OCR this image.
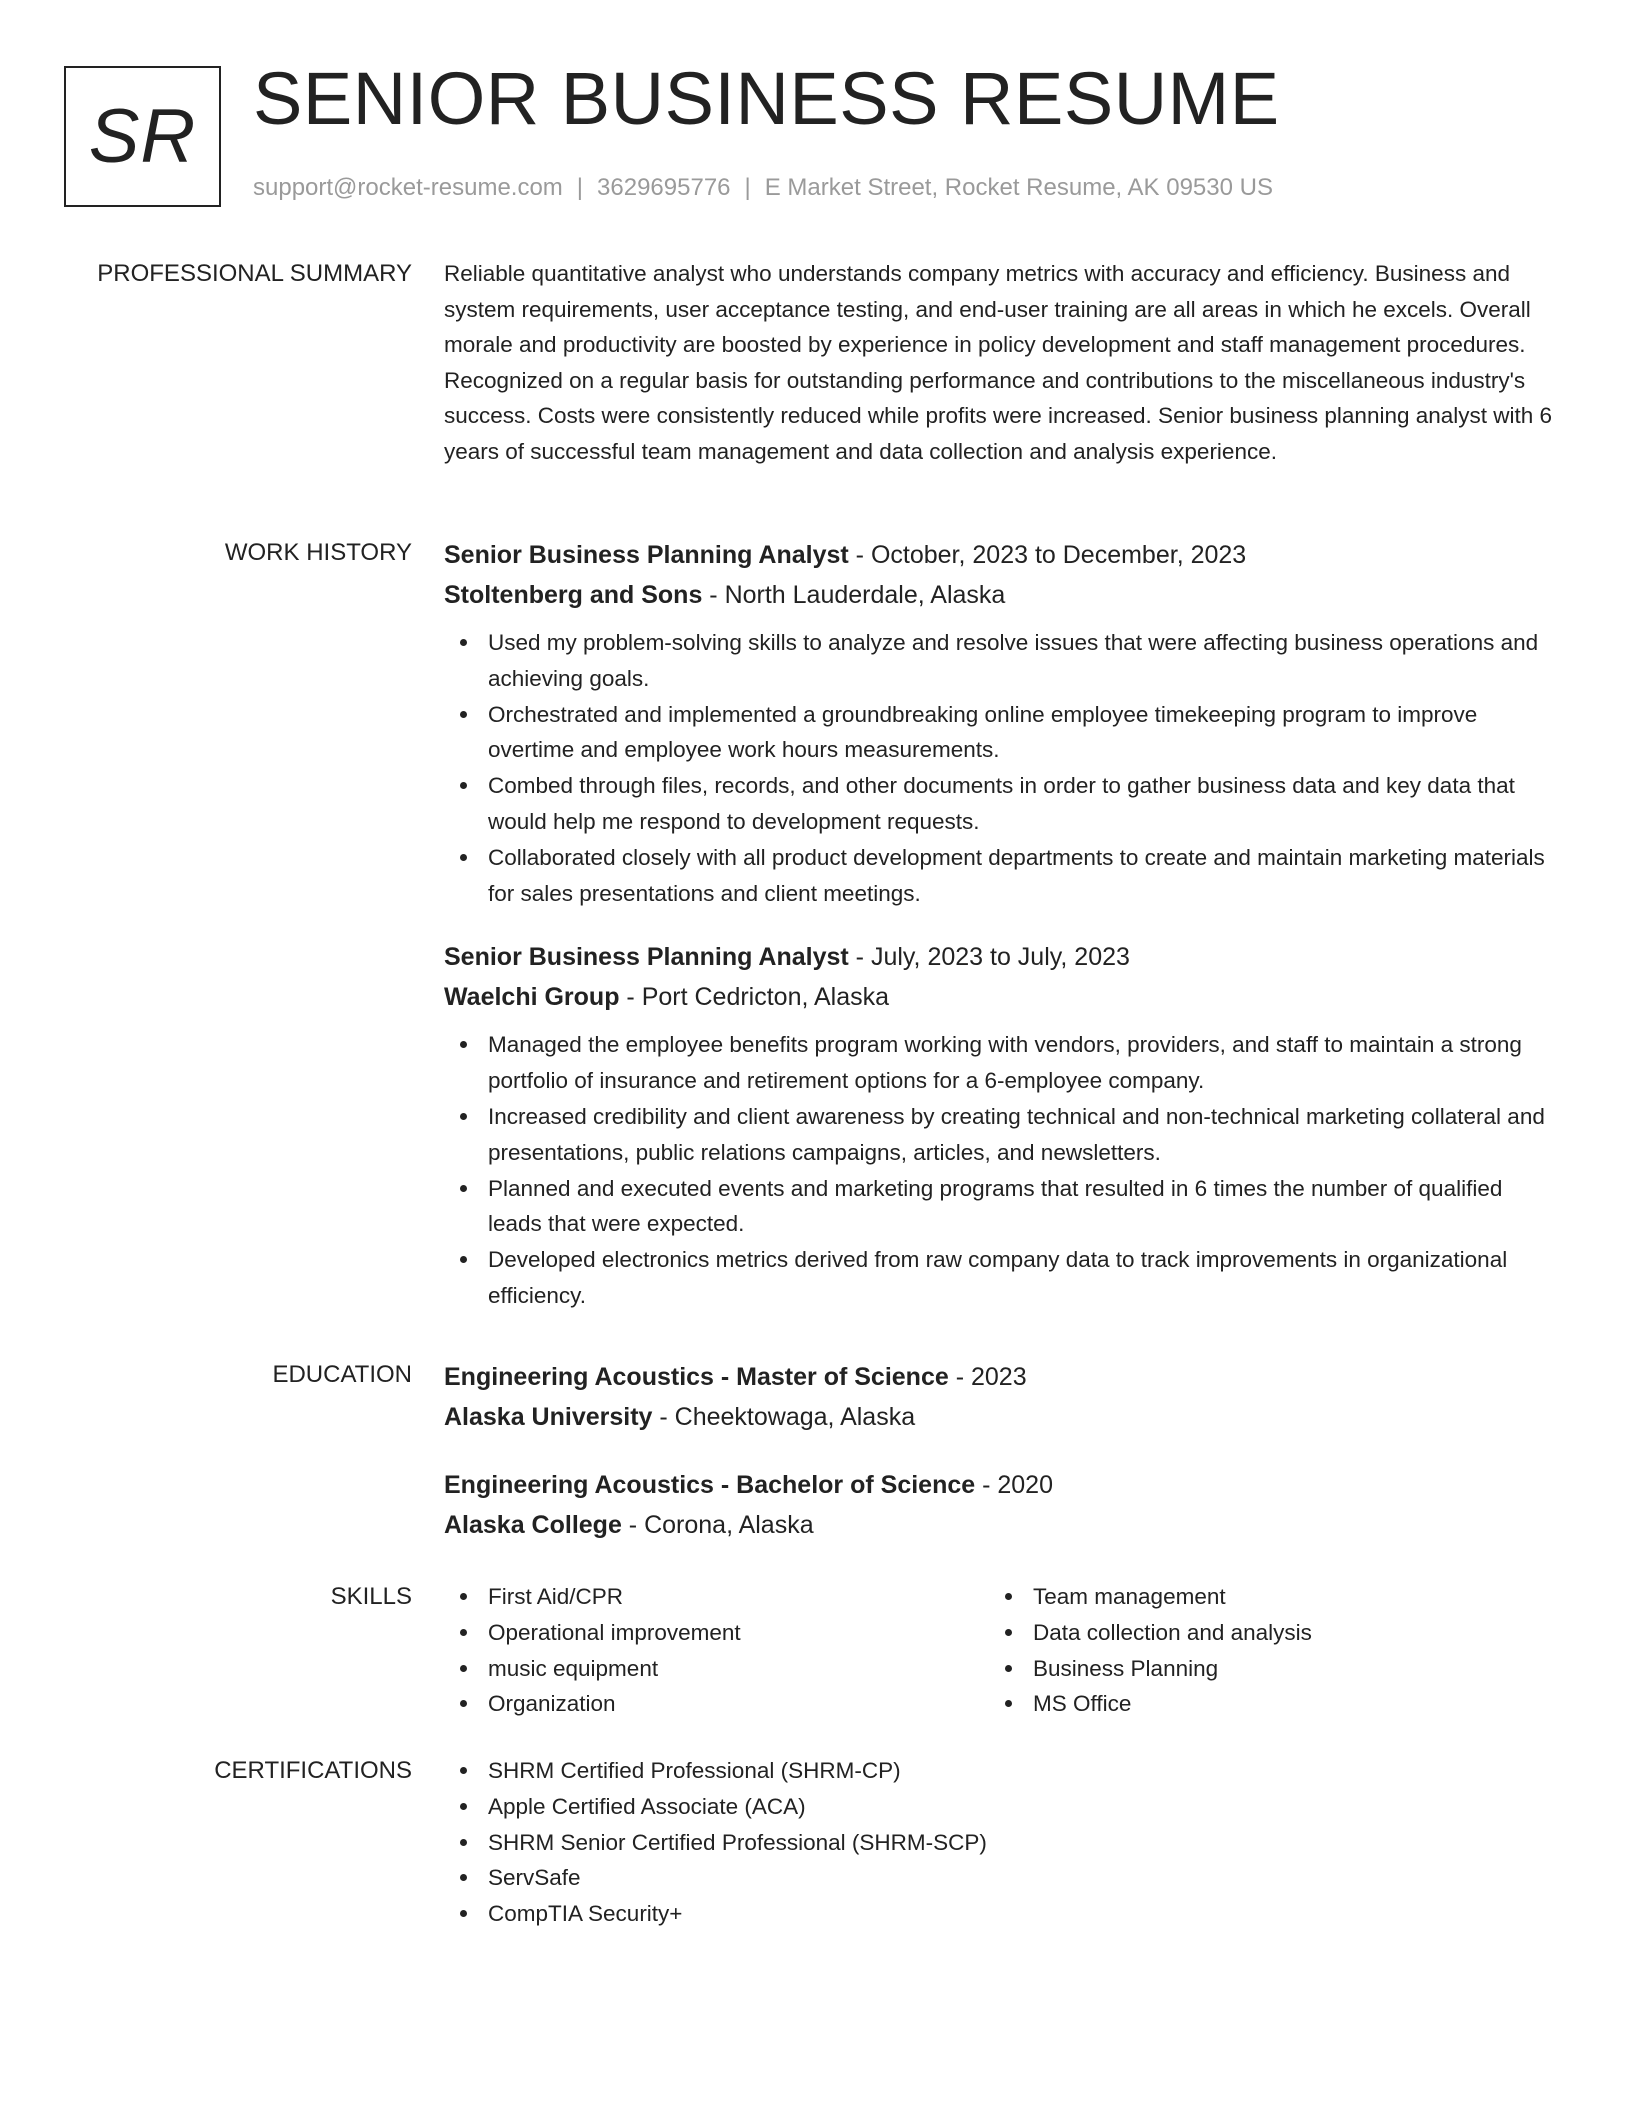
SR SENIOR BUSINESS RESUME
support@rocket-resume.com | 3629695776 | E Market Street, Rocket Resume, AK 09530 US
PROFESSIONAL SUMMARY Reliable quantitative analyst who understands company metrics with accuracy and efficiency. Business and system requirements, user acceptance testing, and end-user training are all areas in which he excels. Overall morale and productivity are boosted by experience in policy development and staff management procedures. Recognized on a regular basis for outstanding performance and contributions to the miscellaneous industry's success. Costs were consistently reduced while profits were increased. Senior business planning analyst with 6 years of successful team management and data collection and analysis experience.

WORK HISTORY Senior Business Planning Analyst - October, 2023 to December, 2023
Stoltenberg and Sons - North Lauderdale, Alaska
Used my problem-solving skills to analyze and resolve issues that were affecting business operations and achieving goals.
Orchestrated and implemented a groundbreaking online employee timekeeping program to improve overtime and employee work hours measurements.
Combed through files, records, and other documents in order to gather business data and key data that would help me respond to development requests.
Collaborated closely with all product development departments to create and maintain marketing materials for sales presentations and client meetings.
Senior Business Planning Analyst - July, 2023 to July, 2023
Waelchi Group - Port Cedricton, Alaska
Managed the employee benefits program working with vendors, providers, and staff to maintain a strong portfolio of insurance and retirement options for a 6-employee company.
Increased credibility and client awareness by creating technical and non-technical marketing collateral and presentations, public relations campaigns, articles, and newsletters.
Planned and executed events and marketing programs that resulted in 6 times the number of qualified leads that were expected.
Developed electronics metrics derived from raw company data to track improvements in organizational efficiency.
EDUCATION Engineering Acoustics - Master of Science - 2023
Alaska University - Cheektowaga, Alaska
Engineering Acoustics - Bachelor of Science - 2020
Alaska College - Corona, Alaska
SKILLS	First Aid/CPR
Operational improvement
music equipment
Organization
Team management
Data collection and analysis
Business Planning
MS Office
CERTIFICATIONS	SHRM Certified Professional (SHRM-CP)
Apple Certified Associate (ACA)
SHRM Senior Certified Professional (SHRM-SCP)
ServSafe
CompTIA Security+
